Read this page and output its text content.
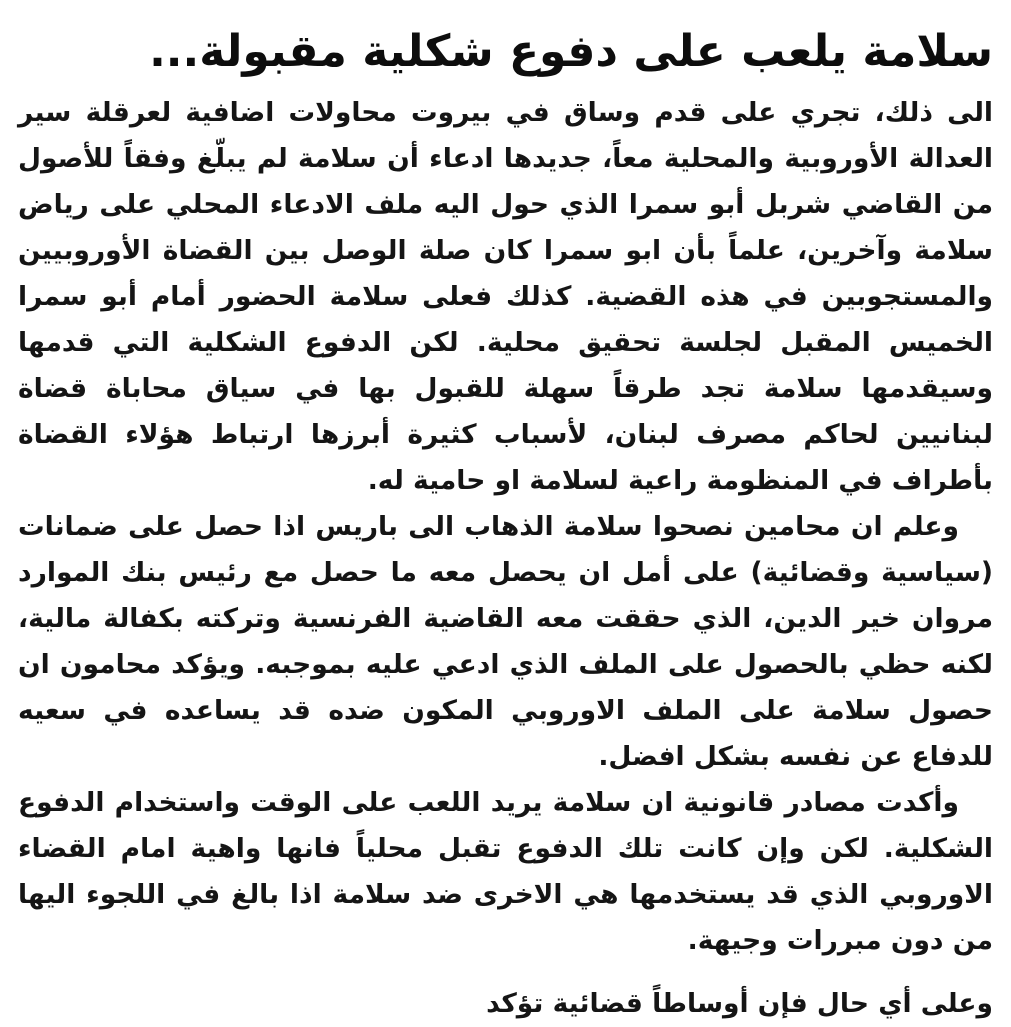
سلامة يلعب على دفوع شكلية مقبولة...

الى ذلك، تجري على قدم وساق في بيروت محاولات اضافية لعرقلة سير العدالة الأوروبية والمحلية معاً، جديدها ادعاء أن سلامة لم يبلّغ وفقاً للأصول من القاضي شربل أبو سمرا الذي حول اليه ملف الادعاء المحلي على رياض سلامة وآخرين، علماً بأن ابو سمرا كان صلة الوصل بين القضاة الأوروبيين والمستجوبين في هذه القضية. كذلك فعلى سلامة الحضور أمام أبو سمرا الخميس المقبل لجلسة تحقيق محلية. لكن الدفوع الشكلية التي قدمها وسيقدمها سلامة تجد طرقاً سهلة للقبول بها في سياق محاباة قضاة لبنانيين لحاكم مصرف لبنان، لأسباب كثيرة أبرزها ارتباط هؤلاء القضاة بأطراف في المنظومة راعية لسلامة او حامية له.

وعلم ان محامين نصحوا سلامة الذهاب الى باريس اذا حصل على ضمانات (سياسية وقضائية) على أمل ان يحصل معه ما حصل مع رئيس بنك الموارد مروان خير الدين، الذي حققت معه القاضية الفرنسية وتركته بكفالة مالية، لكنه حظي بالحصول على الملف الذي ادعي عليه بموجبه. ويؤكد محامون ان حصول سلامة على الملف الاوروبي المكون ضده قد يساعده في سعيه للدفاع عن نفسه بشكل افضل.

وأكدت مصادر قانونية ان سلامة يريد اللعب على الوقت واستخدام الدفوع الشكلية. لكن وإن كانت تلك الدفوع تقبل محلياً فانها واهية امام القضاء الاوروبي الذي قد يستخدمها هي الاخرى ضد سلامة اذا بالغ في اللجوء اليها من دون مبررات وجيهة.

وعلى أي حال فإن أوساطاً قضائية تؤكد
